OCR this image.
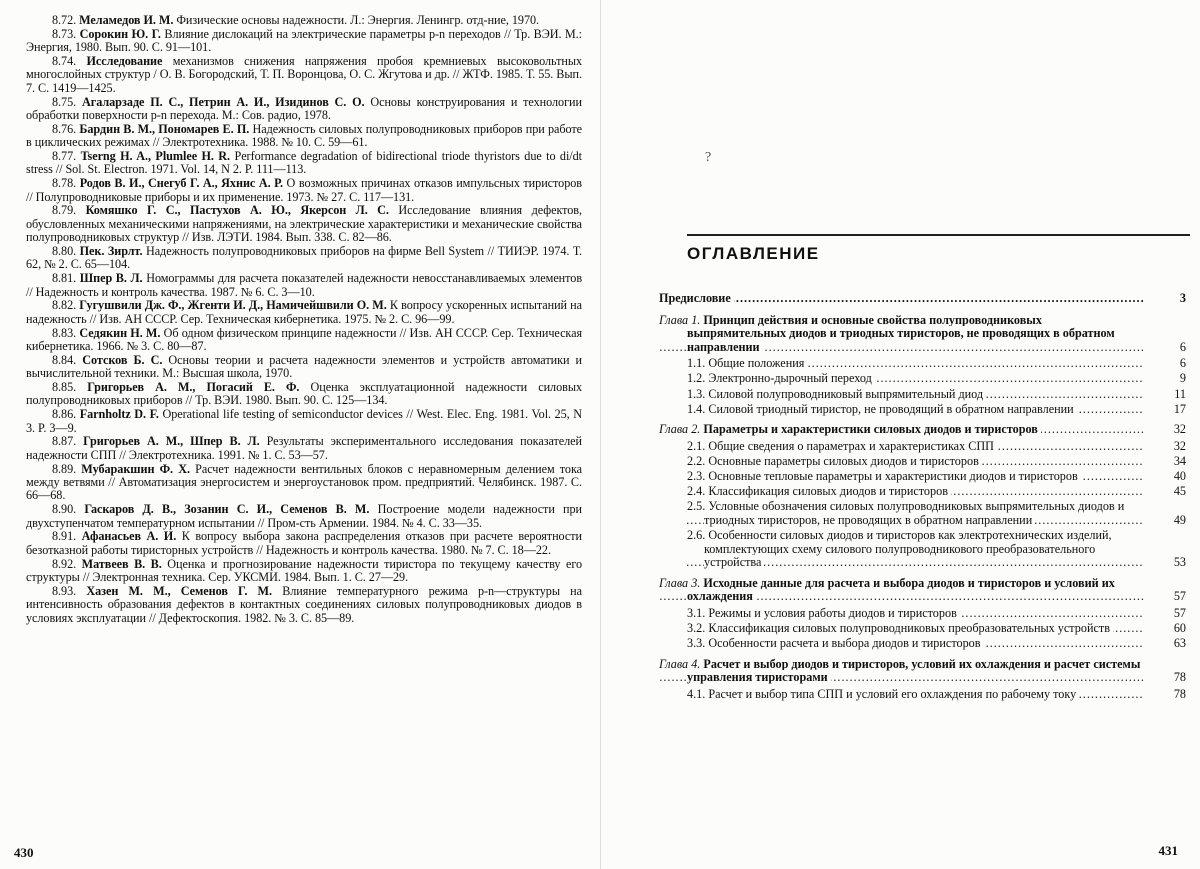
8.72. Меламедов И. М. Физические основы надежности. Л.: Энергия. Ленингр. отд-ние, 1970.
8.73. Сорокин Ю. Г. Влияние дислокаций на электрические параметры p-n переходов // Тр. ВЭИ. М.: Энергия, 1980. Вып. 90. С. 91—101.
8.74. Исследование механизмов снижения напряжения пробоя кремниевых высоковольтных многослойных структур / О. В. Богородский, Т. П. Воронцова, О. С. Жгутова и др. // ЖТФ. 1985. Т. 55. Вып. 7. С. 1419—1425.
8.75. Агаларзаде П. С., Петрин А. И., Изидинов С. О. Основы конструирования и технологии обработки поверхности p-n перехода. М.: Сов. радио, 1978.
8.76. Бардин В. М., Пономарев Е. П. Надежность силовых полупроводниковых приборов при работе в циклических режимах // Электротехника. 1988. № 10. С. 59—61.
8.77. Tserng H. A., Plumlee H. R. Performance degradation of bidirectional triode thyristors due to di/dt stress // Sol. St. Electron. 1971. Vol. 14, N 2. P. 111—113.
8.78. Родов В. И., Снегуб Г. А., Яхнис А. Р. О возможных причинах отказов импульсных тиристоров // Полупроводниковые приборы и их применение. 1973. № 27. С. 117—131.
8.79. Комяшко Г. С., Пастухов А. Ю., Якерсон Л. С. Исследование влияния дефектов, обусловленных механическими напряжениями, на электрические характеристики и механические свойства полупроводниковых структур // Изв. ЛЭТИ. 1984. Вып. 338. С. 82—86.
8.80. Пек. Зирлт. Надежность полупроводниковых приборов на фирме Bell System // ТИИЭР. 1974. Т. 62, № 2. С. 65—104.
8.81. Шпер В. Л. Номограммы для расчета показателей надежности невосстанавливаемых элементов // Надежность и контроль качества. 1987. № 6. С. 3—10.
8.82. Гугушвили Дж. Ф., Жгенти И. Д., Намичейшвили О. М. К вопросу ускоренных испытаний на надежность // Изв. АН СССР. Сер. Техническая кибернетика. 1975. № 2. С. 96—99.
8.83. Седякин Н. М. Об одном физическом принципе надежности // Изв. АН СССР. Сер. Техническая кибернетика. 1966. № 3. С. 80—87.
8.84. Сотсков Б. С. Основы теории и расчета надежности элементов и устройств автоматики и вычислительной техники. М.: Высшая школа, 1970.
8.85. Григорьев А. М., Погасий Е. Ф. Оценка эксплуатационной надежности силовых полупроводниковых приборов // Тр. ВЭИ. 1980. Вып. 90. С. 125—134.
8.86. Farnholtz D. F. Operational life testing of semiconductor devices // West. Elec. Eng. 1981. Vol. 25, N 3. P. 3—9.
8.87. Григорьев А. М., Шпер В. Л. Результаты экспериментального исследования показателей надежности СПП // Электротехника. 1991. № 1. С. 53—57.
8.89. Мубаракшин Ф. Х. Расчет надежности вентильных блоков с неравномерным делением тока между ветвями // Автоматизация энергосистем и энергоустановок пром. предприятий. Челябинск. 1987. С. 66—68.
8.90. Гаскаров Д. В., Зозанин С. И., Семенов В. М. Построение модели надежности при двухступенчатом температурном испытании // Пром-сть Армении. 1984. № 4. С. 33—35.
8.91. Афанасьев А. И. К вопросу выбора закона распределения отказов при расчете вероятности безотказной работы тиристорных устройств // Надежность и контроль качества. 1980. № 7. С. 18—22.
8.92. Матвеев В. В. Оценка и прогнозирование надежности тиристора по текущему качеству его структуры // Электронная техника. Сер. УКСМИ. 1984. Вып. 1. С. 27—29.
8.93. Хазен М. М., Семенов Г. М. Влияние температурного режима p-n—структуры на интенсивность образования дефектов в контактных соединениях силовых полупроводниковых диодов в условиях эксплуатации // Дефектоскопия. 1982. № 3. С. 85—89.
430
?
ОГЛАВЛЕНИЕ
Предисловие .....	3
Глава 1. Принцип действия и основные свойства полупроводниковых выпрямительных диодов и триодных тиристоров, не проводящих в обратном направлении .....	6
1.1. Общие положения .....	6
1.2. Электронно-дырочный переход .....	9
1.3. Силовой полупроводниковый выпрямительный диод .....	11
1.4. Силовой триодный тиристор, не проводящий в обратном направлении .....	17
Глава 2. Параметры и характеристики силовых диодов и тиристоров .....	32
2.1. Общие сведения о параметрах и характеристиках СПП .....	32
2.2. Основные параметры силовых диодов и тиристоров .....	34
2.3. Основные тепловые параметры и характеристики диодов и тиристоров .....	40
2.4. Классификация силовых диодов и тиристоров .....	45
2.5. Условные обозначения силовых полупроводниковых выпрямительных диодов и триодных тиристоров, не проводящих в обратном направлении .....	49
2.6. Особенности силовых диодов и тиристоров как электротехнических изделий, комплектующих схему силового полупроводникового преобразовательного устройства .....	53
Глава 3. Исходные данные для расчета и выбора диодов и тиристоров и условий их охлаждения .....	57
3.1. Режимы и условия работы диодов и тиристоров .....	57
3.2. Классификация силовых полупроводниковых преобразовательных устройств .....	60
3.3. Особенности расчета и выбора диодов и тиристоров .....	63
Глава 4. Расчет и выбор диодов и тиристоров, условий их охлаждения и расчет системы управления тиристорами .....	78
4.1. Расчет и выбор типа СПП и условий его охлаждения по рабочему току .....	78
431
